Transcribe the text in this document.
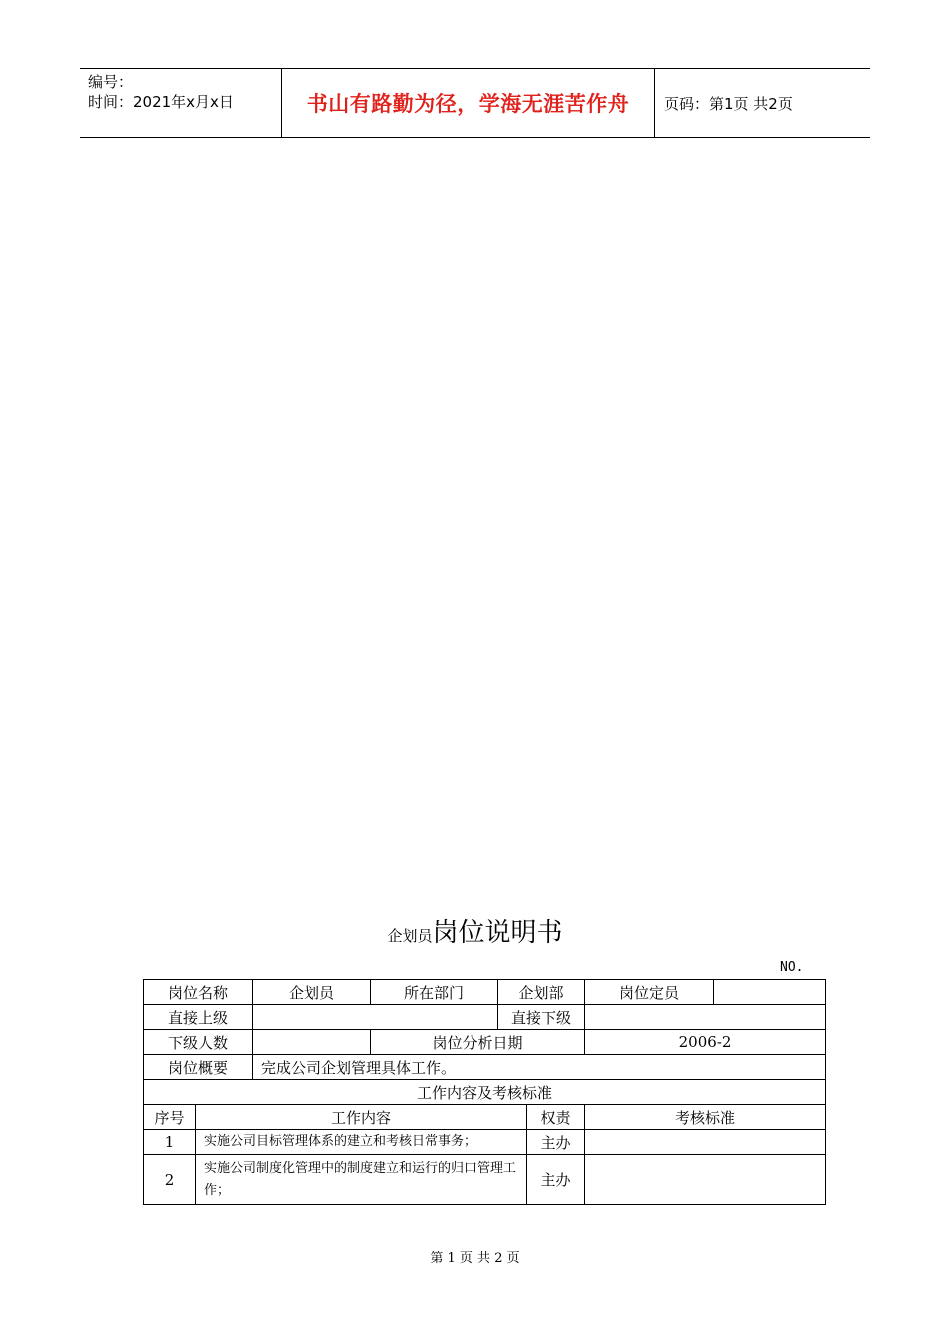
编号：
时间：2021年x月x日	书山有路勤为径，学海无涯苦作舟	页码：第1页 共2页
企划员岗位说明书
NO.
岗位名称		企划员	所在部门	企划部		岗位定员	
直接上级				直接下级			
下级人数			岗位分析日期			2006-2	
岗位概要		完成公司企划管理具体工作。					
工作内容及考核标准							
序号	工作内容				权责	考核标准	
1	实施公司目标管理体系的建立和考核日常事务；				主办		
2	实施公司制度化管理中的制度建立和运行的归口管理工作；				主办		
第 1 页 共 2 页
